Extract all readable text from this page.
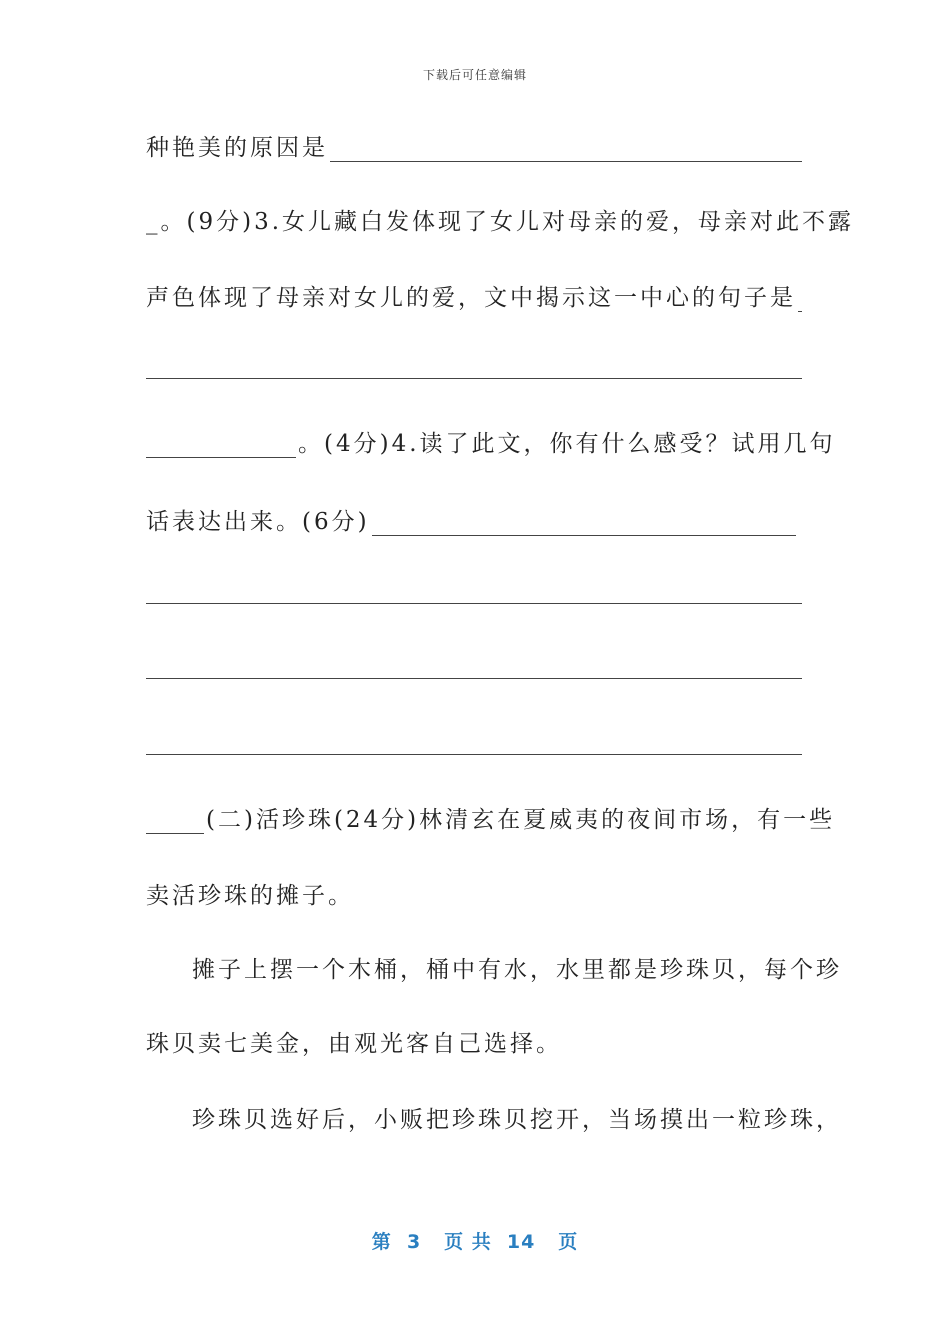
下载后可任意编辑
种艳美的原因是
_。(9分)3.女儿藏白发体现了女儿对母亲的爱，母亲对此不露
声色体现了母亲对女儿的爱，文中揭示这一中心的句子是
。(4分)4.读了此文，你有什么感受？试用几句
话表达出来。(6分)
(二)活珍珠(24分)林清玄在夏威夷的夜间市场，有一些
卖活珍珠的摊子。
摊子上摆一个木桶，桶中有水，水里都是珍珠贝，每个珍
珠贝卖七美金，由观光客自己选择。
珍珠贝选好后，小贩把珍珠贝挖开，当场摸出一粒珍珠，
第  3   页 共  14   页
